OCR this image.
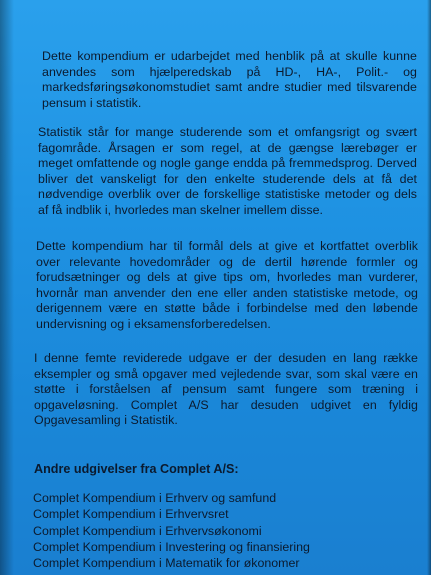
Dette kompendium er udarbejdet med henblik på at skulle kunne anvendes som hjælperedskab på HD-, HA-, Polit.- og markedsføringsøkonomstudiet samt andre studier med tilsvarende pensum i statistik.
Statistik står for mange studerende som et omfangsrigt og svært fagområde. Årsagen er som regel, at de gængse lærebøger er meget omfattende og nogle gange endda på fremmedsprog. Derved bliver det vanskeligt for den enkelte studerende dels at få det nødvendige overblik over de forskellige statistiske metoder og dels af få indblik i, hvorledes man skelner imellem disse.
Dette kompendium har til formål dels at give et kortfattet overblik over relevante hovedområder og de dertil hørende formler og forudsætninger og dels at give tips om, hvorledes man vurderer, hvornår man anvender den ene eller anden statistiske metode, og derigennem være en støtte både i forbindelse med den løbende undervisning og i eksamensforberedelsen.
I denne femte reviderede udgave er der desuden en lang række eksempler og små opgaver med vejledende svar, som skal være en støtte i forståelsen af pensum samt fungere som træning i opgaveløsning. Complet A/S har desuden udgivet en fyldig Opgavesamling i Statistik.
Andre udgivelser fra Complet A/S:
Complet Kompendium i Erhverv og samfund
Complet Kompendium i Erhvervsret
Complet Kompendium i Erhvervsøkonomi
Complet Kompendium i Investering og finansiering
Complet Kompendium i Matematik for økonomer
